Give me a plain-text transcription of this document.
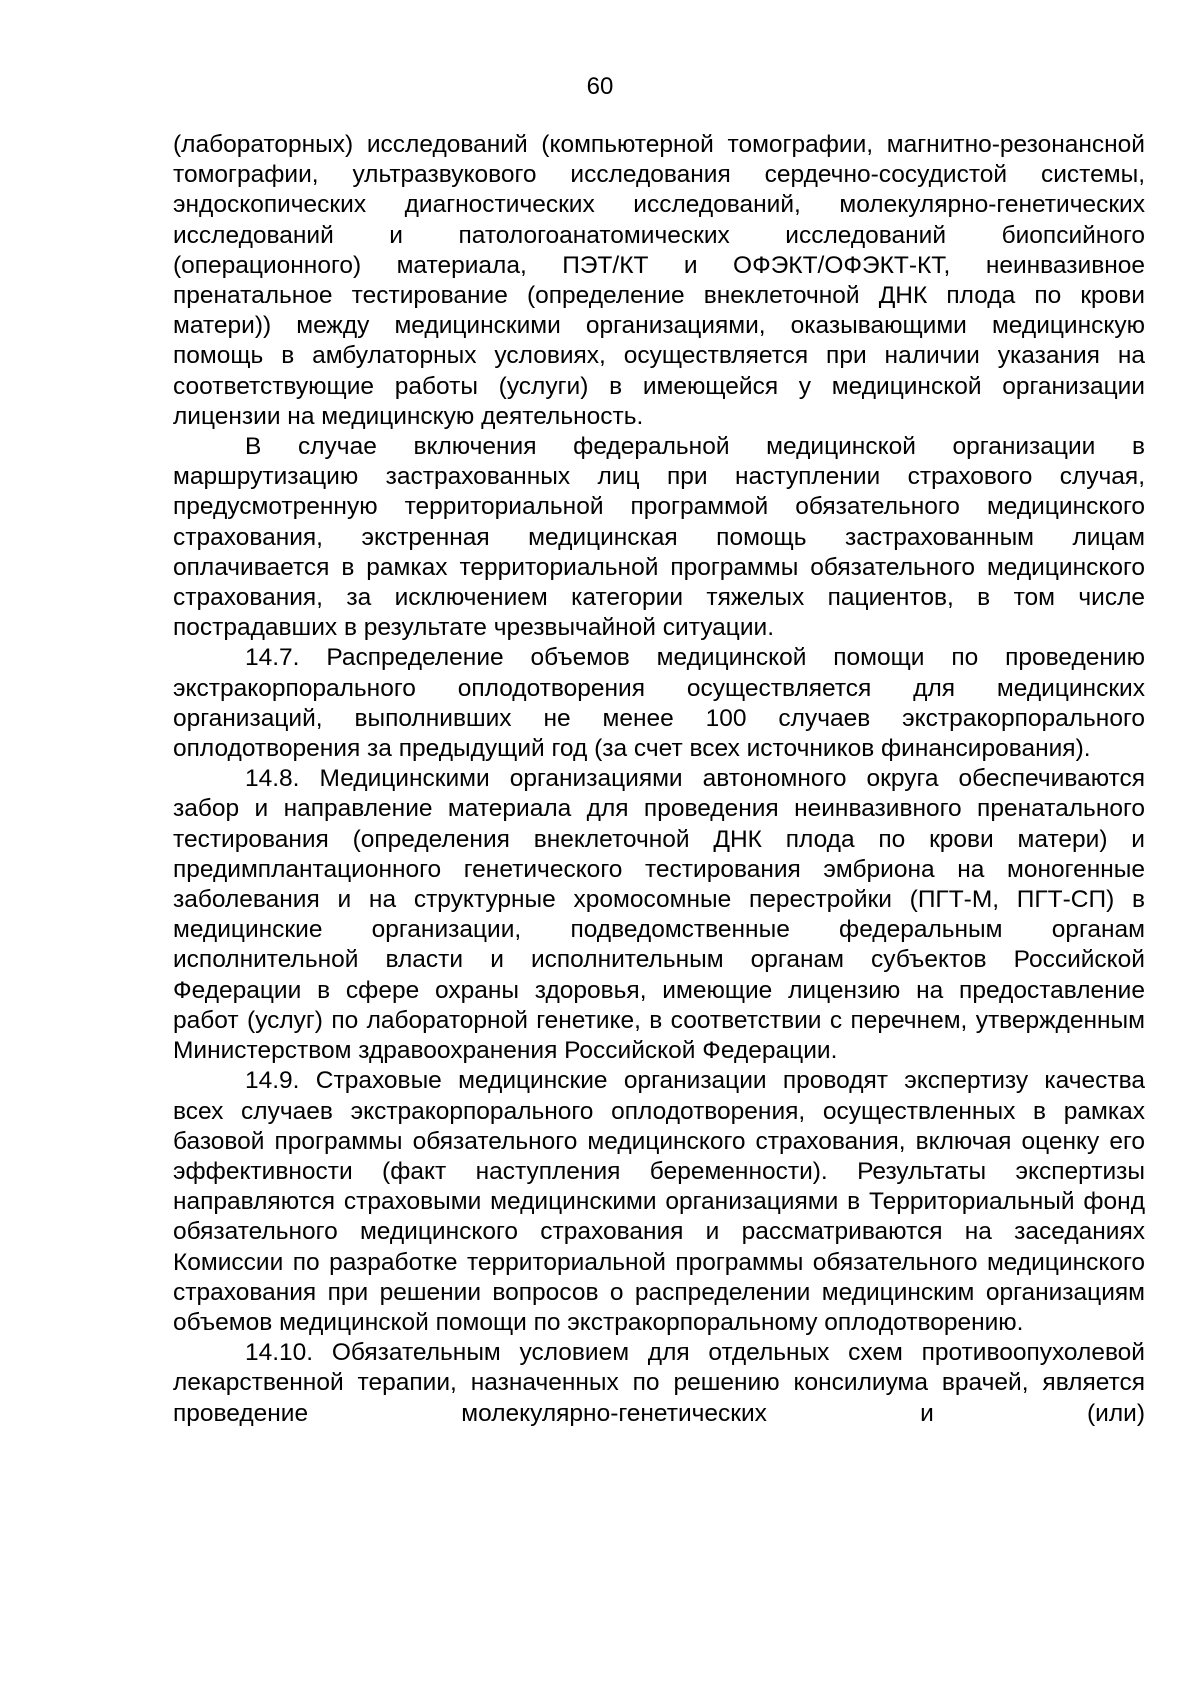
60

(лабораторных) исследований (компьютерной томографии, магнитно-резонансной томографии, ультразвукового исследования сердечно-сосудистой системы, эндоскопических диагностических исследований, молекулярно-генетических исследований и патологоанатомических исследований биопсийного (операционного) материала, ПЭТ/КТ и ОФЭКТ/ОФЭКТ-КТ, неинвазивное пренатальное тестирование (определение внеклеточной ДНК плода по крови матери)) между медицинскими организациями, оказывающими медицинскую помощь в амбулаторных условиях, осуществляется при наличии указания на соответствующие работы (услуги) в имеющейся у медицинской организации лицензии на медицинскую деятельность.

В случае включения федеральной медицинской организации в маршрутизацию застрахованных лиц при наступлении страхового случая, предусмотренную территориальной программой обязательного медицинского страхования, экстренная медицинская помощь застрахованным лицам оплачивается в рамках территориальной программы обязательного медицинского страхования, за исключением категории тяжелых пациентов, в том числе пострадавших в результате чрезвычайной ситуации.

14.7. Распределение объемов медицинской помощи по проведению экстракорпорального оплодотворения осуществляется для медицинских организаций, выполнивших не менее 100 случаев экстракорпорального оплодотворения за предыдущий год (за счет всех источников финансирования).

14.8. Медицинскими организациями автономного округа обеспечиваются забор и направление материала для проведения неинвазивного пренатального тестирования (определения внеклеточной ДНК плода по крови матери) и предимплантационного генетического тестирования эмбриона на моногенные заболевания и на структурные хромосомные перестройки (ПГТ-М, ПГТ-СП) в медицинские организации, подведомственные федеральным органам исполнительной власти и исполнительным органам субъектов Российской Федерации в сфере охраны здоровья, имеющие лицензию на предоставление работ (услуг) по лабораторной генетике, в соответствии с перечнем, утвержденным Министерством здравоохранения Российской Федерации.

14.9. Страховые медицинские организации проводят экспертизу качества всех случаев экстракорпорального оплодотворения, осуществленных в рамках базовой программы обязательного медицинского страхования, включая оценку его эффективности (факт наступления беременности). Результаты экспертизы направляются страховыми медицинскими организациями в Территориальный фонд обязательного медицинского страхования и рассматриваются на заседаниях Комиссии по разработке территориальной программы обязательного медицинского страхования при решении вопросов о распределении медицинским организациям объемов медицинской помощи по экстракорпоральному оплодотворению.

14.10. Обязательным условием для отдельных схем противоопухолевой лекарственной терапии, назначенных по решению консилиума врачей, является проведение молекулярно-генетических и (или)
